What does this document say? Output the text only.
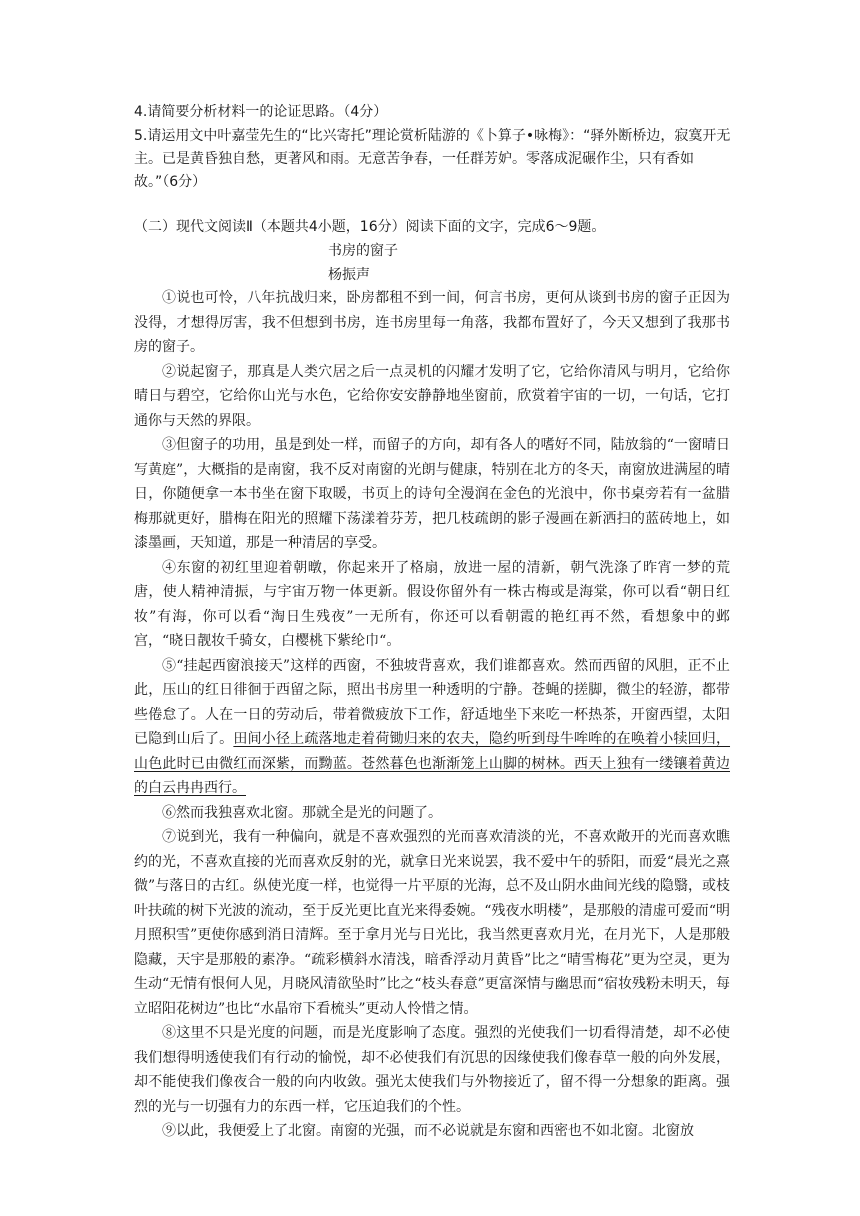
4.请简要分析材料一的论证思路。（4分）
5.请运用文中叶嘉莹先生的“比兴寄托”理论赏析陆游的《卜算子•咏梅》：“驿外断桥边，寂寞开无主。已是黄昏独自愁，更著风和雨。无意苦争春，一任群芳妒。零落成泥碾作尘，只有香如故。”（6分）
（二）现代文阅读Ⅱ（本题共4小题，16分）阅读下面的文字，完成6～9题。
书房的窗子
杨振声

①说也可怜，八年抗战归来，卧房都租不到一间，何言书房，更何从谈到书房的窗子正因为没得，才想得厉害，我不但想到书房，连书房里每一角落，我都布置好了，今天又想到了我那书房的窗子。

②说起窗子，那真是人类穴居之后一点灵机的闪耀才发明了它，它给你清风与明月，它给你晴日与碧空，它给你山光与水色，它给你安安静静地坐窗前，欣赏着宇宙的一切，一句话，它打通你与天然的界限。

③但窗子的功用，虽是到处一样，而留子的方向，却有各人的嗜好不同，陆放翁的“一窗晴日写黄庭”，大概指的是南窗，我不反对南窗的光朗与健康，特别在北方的冬天，南窗放进满屋的晴日，你随便拿一本书坐在窗下取暖，书页上的诗句全漫润在金色的光浪中，你书桌旁若有一盆腊梅那就更好，腊梅在阳光的照耀下荡漾着芬芳，把几枝疏朗的影子漫画在新洒扫的蓝砖地上，如漆墨画，天知道，那是一种清居的享受。

④东窗的初红里迎着朝暾，你起来开了格扇，放进一屋的清新，朝气洗涤了昨宵一梦的荒唐，使人精神清振，与宇宙万物一体更新。假设你留外有一株古梅或是海棠，你可以看“朝日红妆”有海，你可以看“淘日生残夜”一无所有，你还可以看朝霞的艳红再不然，看想象中的邺宫，“晓日靓妆千骑女，白樱桃下紫纶巾“。

⑤“挂起西窗浪接天”这样的西窗，不独坡背喜欢，我们谁都喜欢。然而西留的风胆，正不止此，压山的红日徘徊于西留之际，照出书房里一种透明的宁静。苍蝇的搓脚，微尘的轻游，都带些倦怠了。人在一日的劳动后，带着微疲放下工作，舒适地坐下来吃一杯热茶，开窗西望，太阳已隐到山后了。田间小径上疏落地走着荷锄归来的农夫，隐约听到母牛哞哞的在唤着小犊回归，山色此时已由微红而深紫，而黝蓝。苍然暮色也渐渐笼上山脚的树林。西天上独有一缕镶着黄边的白云冉冉西行。

⑥然而我独喜欢北窗。那就全是光的问题了。

⑦说到光，我有一种偏向，就是不喜欢强烈的光而喜欢清淡的光，不喜欢敞开的光而喜欢瞧约的光，不喜欢直接的光而喜欢反射的光，就拿日光来说罢，我不爱中午的骄阳，而爱“晨光之熹微”与落日的古红。纵使光度一样，也觉得一片平原的光海，总不及山阴水曲间光线的隐翳，或枝叶扶疏的树下光波的流动，至于反光更比直光来得委婉。“残夜水明楼”，是那般的清虚可爱而“明月照积雪”更使你感到消日清辉。至于拿月光与日光比，我当然更喜欢月光，在月光下，人是那般隐藏，天宇是那般的素净。“疏彩横斜水清浅，暗香浮动月黄昏”比之“晴雪梅花”更为空灵，更为生动“无情有恨何人见，月晓风清欲坠时”比之“枝头春意”更富深情与幽思而“宿妆残粉未明天，每立昭阳花树边”也比“水晶帘下看梳头”更动人怜惜之情。

⑧这里不只是光度的问题，而是光度影响了态度。强烈的光使我们一切看得清楚，却不必使我们想得明透使我们有行动的愉悦，却不必使我们有沉思的因缘使我们像春草一般的向外发展，却不能使我们像夜合一般的向内收敛。强光太使我们与外物接近了，留不得一分想象的距离。强烈的光与一切强有力的东西一样，它压迫我们的个性。

⑨以此，我便爱上了北窗。南窗的光强，而不必说就是东窗和西密也不如北窗。北窗放
